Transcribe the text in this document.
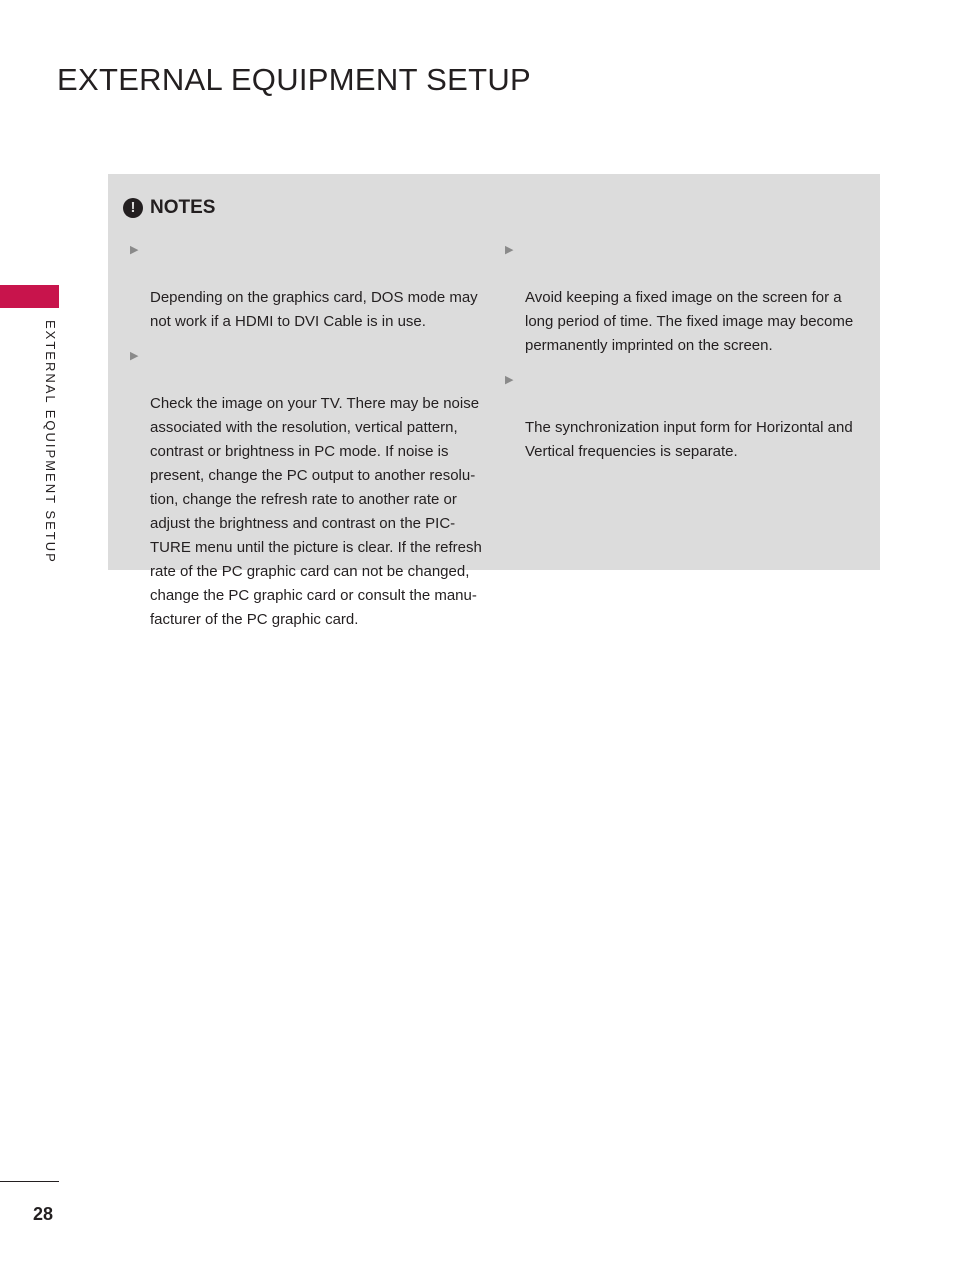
EXTERNAL EQUIPMENT SETUP
EXTERNAL EQUIPMENT SETUP
! NOTES

▶

Depending on the graphics card, DOS mode may
not work if a HDMI to DVI Cable is in use.

▶

Check the image on your TV. There may be noise
associated with the resolution, vertical pattern,
contrast or brightness in PC mode. If noise is
present, change the PC output to another resolu-
tion, change the refresh rate to another rate or
adjust the brightness and contrast on the PIC-
TURE menu until the picture is clear. If the refresh
rate of the PC graphic card can not be changed,
change the PC graphic card or consult the manu-
facturer of the PC graphic card.

▶

Avoid keeping a fixed image on the screen for a
long period of time. The fixed image may become
permanently imprinted on the screen.

▶

The synchronization input form for Horizontal and
Vertical frequencies is separate.

28
